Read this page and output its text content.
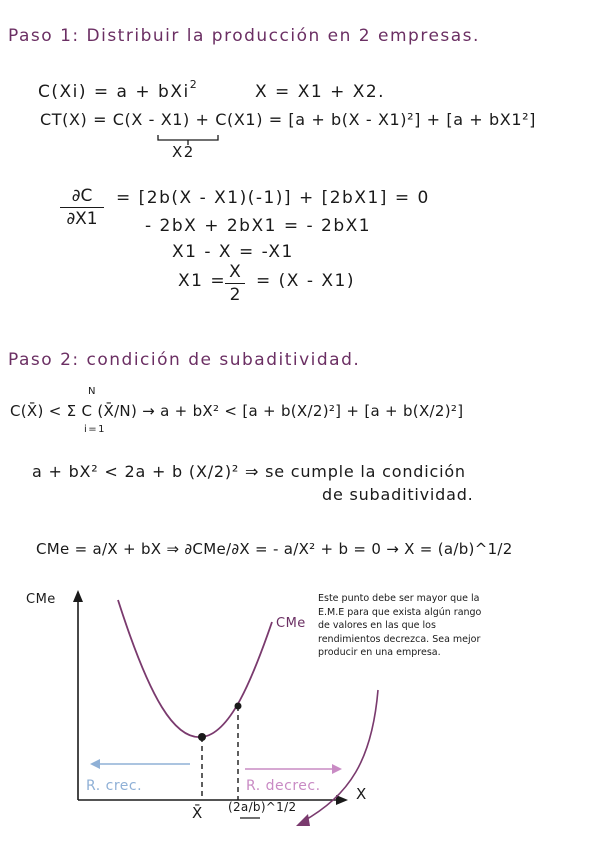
Paso 1: Distribuir la producción en 2 empresas.
C(Xi) = a + bXi$^2$	X = X1 + X2.
CT(X) = C(X - X1) + C(X1) = [a + b(X - X1)²] + [a + bX1²]
X2
∂C
∂X1
= [2b(X - X1)(-1)] + [2bX1] = 0
- 2bX + 2bX1 = - 2bX1
X1 - X = -X1
X1 = X
2
= (X - X1)
Paso 2: condición de subaditividad.
N
C(X̄) < Σ C (X̄/N) → a + bX² < [a + b(X/2)²] + [a + b(X/2)²]
i=1
a + bX² < 2a + b (X/2)² ⇒ se cumple la condición
de subaditividad.
CMe = a/X + bX ⇒ ∂CMe/∂X = - a/X² + b = 0 → X = (a/b)^1/2
CMe
X
CMe
R. crec.	R. decrec.
X̄ (2a/b)^1/2
Este punto debe ser mayor que la E.M.E para que exista algún rango de valores en las que los rendimientos decrezca. Sea mejor producir en una empresa.
